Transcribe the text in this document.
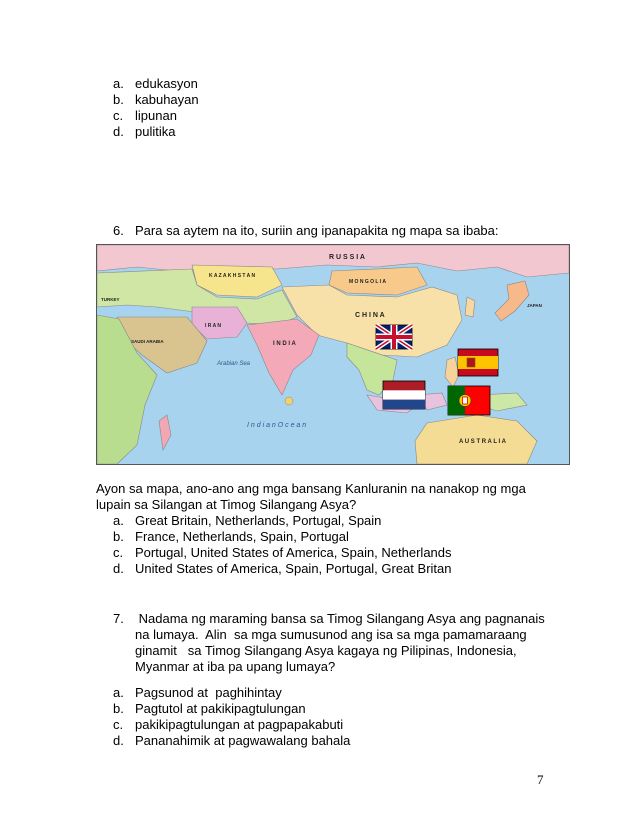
a. edukasyon
b. kabuhayan
c. lipunan
d. pulitika
6. Para sa aytem na ito, suriin ang ipanapakita ng mapa sa ibaba:
R U S S I A
K A Z A K H S T A N
M O N G O L I A
C H I N A
I N D I A
I R A N
Arabian Sea
I n d i a n O c e a n
A U S T R A L I A
TURKEY
SAUDI ARABIA
JAPAN
Ayon sa mapa, ano-ano ang mga bansang Kanluranin na nanakop ng mga
lupain sa Silangan at Timog Silangang Asya?
a. Great Britain, Netherlands, Portugal, Spain
b. France, Netherlands, Spain, Portugal
c. Portugal, United States of America, Spain, Netherlands
d. United States of America, Spain, Portugal, Great Britan
7. Nadama ng maraming bansa sa Timog Silangang Asya ang pagnanais
na lumaya.  Alin  sa mga sumusunod ang isa sa mga pamamaraang
ginamit   sa Timog Silangang Asya kagaya ng Pilipinas, Indonesia,
Myanmar at iba pa upang lumaya?
a. Pagsunod at  paghihintay
b. Pagtutol at pakikipagtulungan
c. pakikipagtulungan at pagpapakabuti
d. Pananahimik at pagwawalang bahala
7
